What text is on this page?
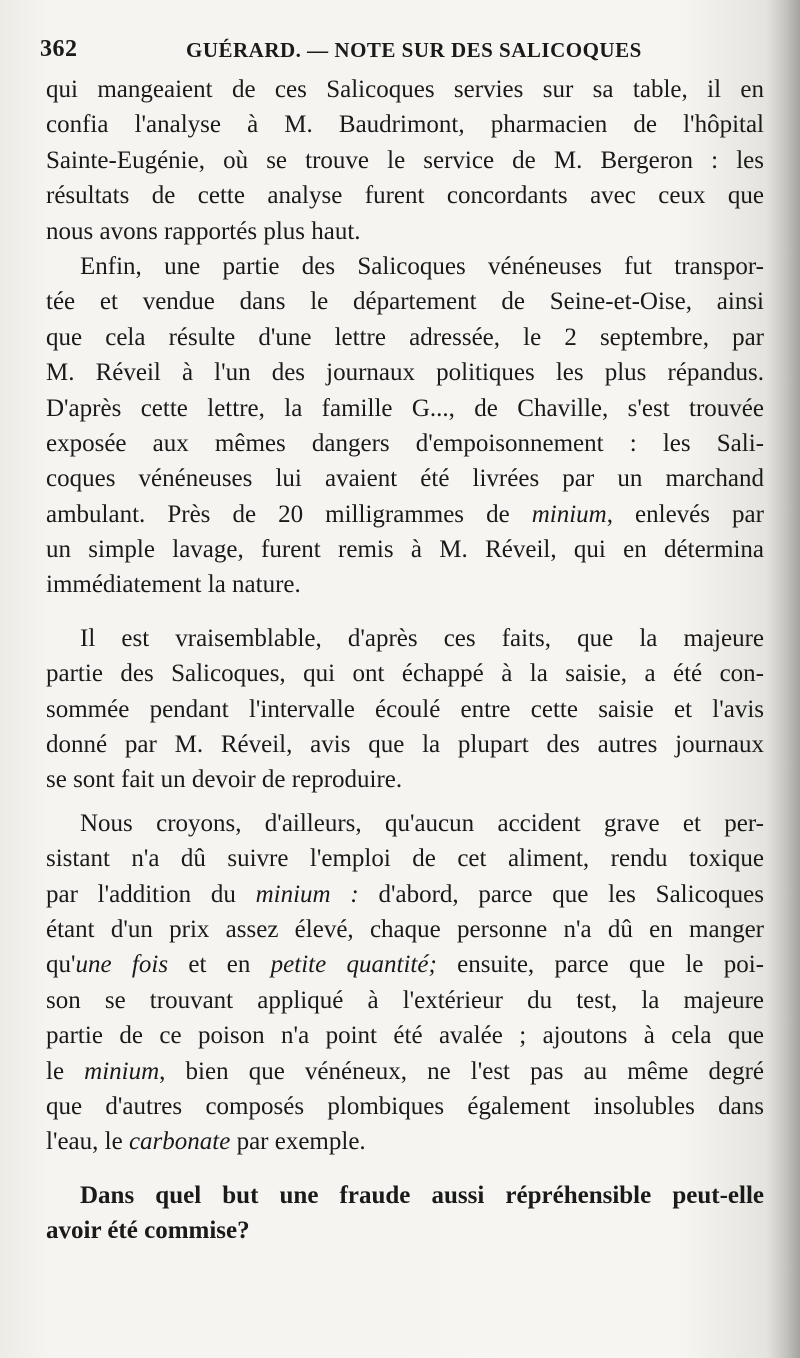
362	GUÉRARD. — NOTE SUR DES SALICOQUES
qui mangeaient de ces Salicoques servies sur sa table, il en
confia l'analyse à M. Baudrimont, pharmacien de l'hôpital
Sainte-Eugénie, où se trouve le service de M. Bergeron : les
résultats de cette analyse furent concordants avec ceux que
nous avons rapportés plus haut.
Enfin, une partie des Salicoques vénéneuses fut transpor-
tée et vendue dans le département de Seine-et-Oise, ainsi
que cela résulte d'une lettre adressée, le 2 septembre, par
M. Réveil à l'un des journaux politiques les plus répandus.
D'après cette lettre, la famille G..., de Chaville, s'est trouvée
exposée aux mêmes dangers d'empoisonnement : les Sali-
coques vénéneuses lui avaient été livrées par un marchand
ambulant. Près de 20 milligrammes de minium, enlevés par
un simple lavage, furent remis à M. Réveil, qui en détermina
immédiatement la nature.
Il est vraisemblable, d'après ces faits, que la majeure
partie des Salicoques, qui ont échappé à la saisie, a été con-
sommée pendant l'intervalle écoulé entre cette saisie et l'avis
donné par M. Réveil, avis que la plupart des autres journaux
se sont fait un devoir de reproduire.
Nous croyons, d'ailleurs, qu'aucun accident grave et per-
sistant n'a dû suivre l'emploi de cet aliment, rendu toxique
par l'addition du minium : d'abord, parce que les Salicoques
étant d'un prix assez élevé, chaque personne n'a dû en manger
qu'une fois et en petite quantité; ensuite, parce que le poi-
son se trouvant appliqué à l'extérieur du test, la majeure
partie de ce poison n'a point été avalée ; ajoutons à cela que
le minium, bien que vénéneux, ne l'est pas au même degré
que d'autres composés plombiques également insolubles dans
l'eau, le carbonate par exemple.
Dans quel but une fraude aussi répréhensible peut-elle
avoir été commise?
